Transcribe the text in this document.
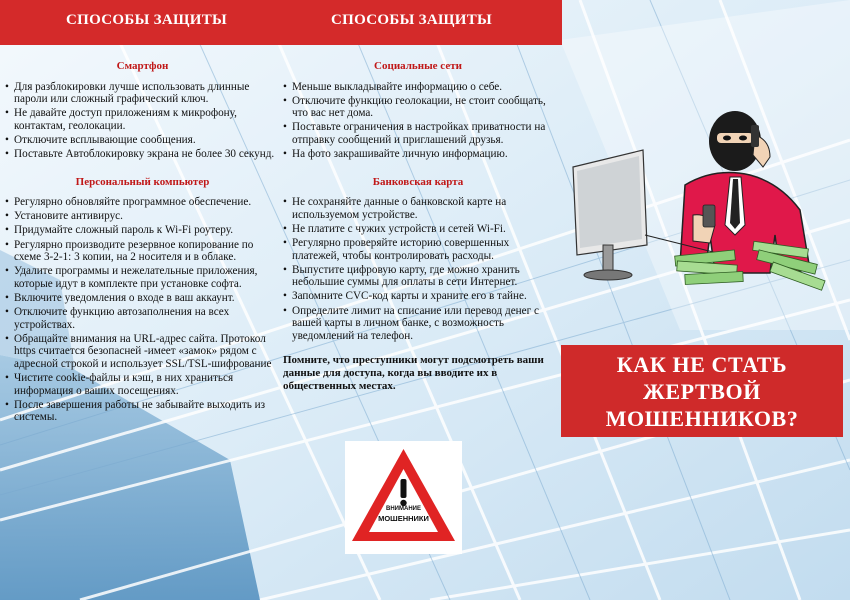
СПОСОБЫ ЗАЩИТЫ	СПОСОБЫ ЗАЩИТЫ
Смартфон
• Для разблокировки лучше использовать длинные пароли или сложный графический ключ.
• Не давайте доступ приложениям к микрофону, контактам, геолокации.
• Отключите всплывающие сообщения.
• Поставьте Автоблокировку экрана не более 30 секунд.
Персональный компьютер
• Регулярно обновляйте программное обеспечение.
• Установите антивирус.
• Придумайте сложный пароль к Wi-Fi роутеру.
• Регулярно производите резервное копирование по схеме 3-2-1: 3 копии, на 2 носителя и в облаке.
• Удалите программы и нежелательные приложения, которые идут в комплекте при установке софта.
• Включите уведомления о входе в ваш аккаунт.
• Отключите функцию автозаполнения на всех устройствах.
• Обращайте внимания на URL-адрес сайта. Протокол https считается безопасней -имеет «замок» рядом с адресной строкой и использует SSL/TSL-шифрование
• Чистите cookie-файлы и кэш, в них храниться информация о ваших посещениях.
• После завершения работы не забывайте выходить из системы.
Социальные сети
• Меньше выкладывайте информацию о себе.
• Отключите функцию геолокации, не стоит сообщать, что вас нет дома.
• Поставьте ограничения в настройках приватности на отправку сообщений и приглашений друзья.
• На фото закрашивайте личную информацию.
Банковская карта
• Не сохраняйте данные о банковской карте на используемом устройстве.
• Не платите с чужих устройств и сетей Wi-Fi.
• Регулярно проверяйте историю совершенных платежей, чтобы контролировать расходы.
• Выпустите цифровую карту, где можно хранить небольшие суммы для оплаты в сети Интернет.
• Запомните CVC-код карты и храните его в тайне.
• Определите лимит на списание или перевод денег с вашей карты в личном банке, с возможность уведомлений на телефон.
Помните, что преступники могут подсмотреть ваши данные для доступа, когда вы вводите их в общественных местах.
КАК НЕ СТАТЬ
ЖЕРТВОЙ
МОШЕННИКОВ?
ВНИМАНИЕ
МОШЕННИКИ
